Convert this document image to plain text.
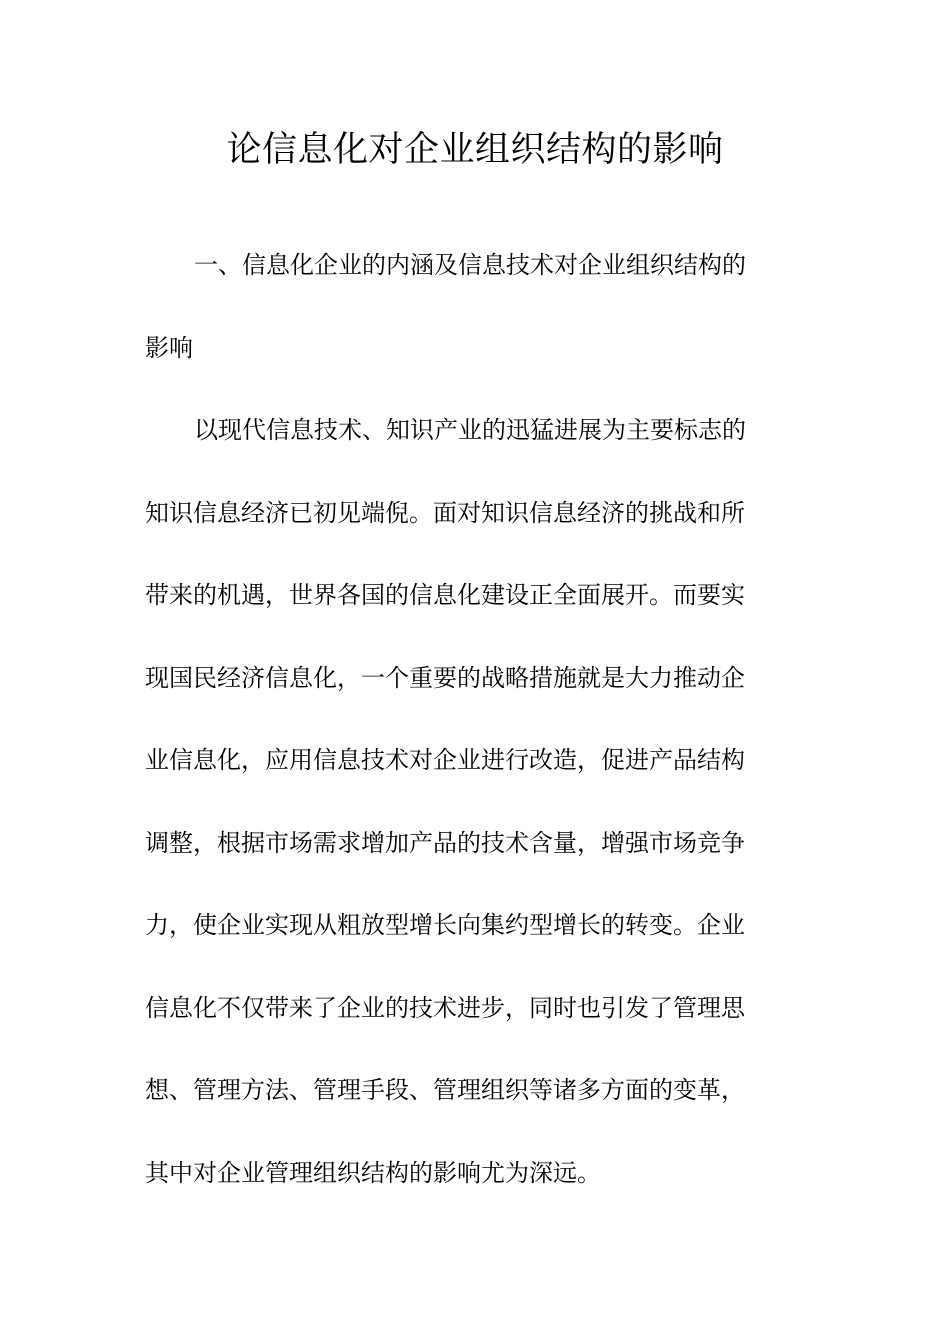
论信息化对企业组织结构的影响
一、信息化企业的内涵及信息技术对企业组织结构的
影响
以现代信息技术、知识产业的迅猛进展为主要标志的
知识信息经济已初见端倪。面对知识信息经济的挑战和所
带来的机遇，世界各国的信息化建设正全面展开。而要实
现国民经济信息化，一个重要的战略措施就是大力推动企
业信息化，应用信息技术对企业进行改造，促进产品结构
调整，根据市场需求增加产品的技术含量，增强市场竞争
力，使企业实现从粗放型增长向集约型增长的转变。企业
信息化不仅带来了企业的技术进步，同时也引发了管理思
想、管理方法、管理手段、管理组织等诸多方面的变革，
其中对企业管理组织结构的影响尤为深远。
